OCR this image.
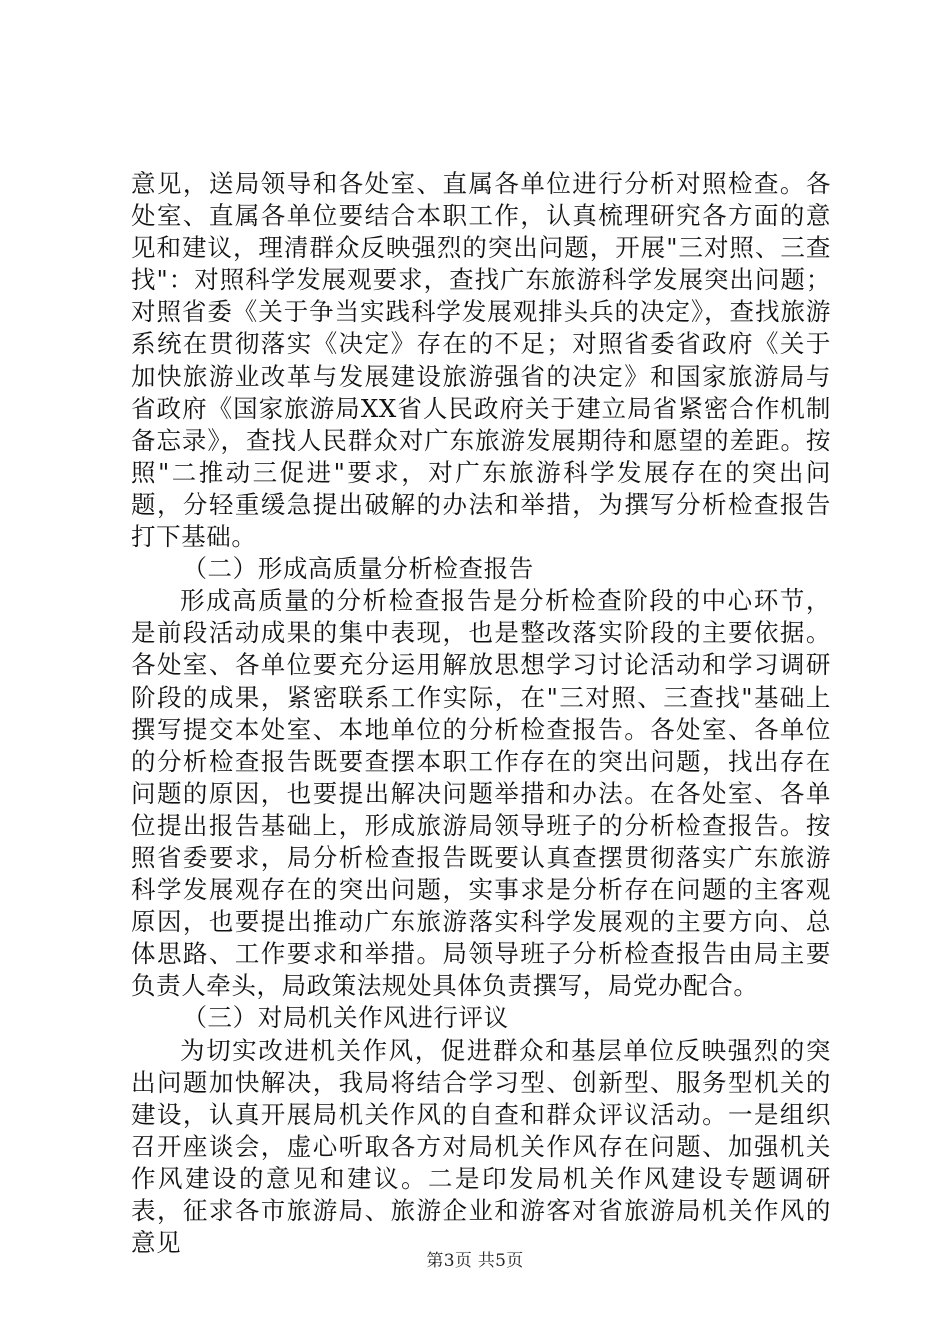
意见，送局领导和各处室、直属各单位进行分析对照检查。各处室、直属各单位要结合本职工作，认真梳理研究各方面的意见和建议，理清群众反映强烈的突出问题，开展"三对照、三查找"：对照科学发展观要求，查找广东旅游科学发展突出问题；对照省委《关于争当实践科学发展观排头兵的决定》，查找旅游系统在贯彻落实《决定》存在的不足；对照省委省政府《关于加快旅游业改革与发展建设旅游强省的决定》和国家旅游局与省政府《国家旅游局XX省人民政府关于建立局省紧密合作机制备忘录》，查找人民群众对广东旅游发展期待和愿望的差距。按照"二推动三促进"要求，对广东旅游科学发展存在的突出问题，分轻重缓急提出破解的办法和举措，为撰写分析检查报告打下基础。

（二）形成高质量分析检查报告

形成高质量的分析检查报告是分析检查阶段的中心环节，是前段活动成果的集中表现，也是整改落实阶段的主要依据。各处室、各单位要充分运用解放思想学习讨论活动和学习调研阶段的成果，紧密联系工作实际，在"三对照、三查找"基础上撰写提交本处室、本地单位的分析检查报告。各处室、各单位的分析检查报告既要查摆本职工作存在的突出问题，找出存在问题的原因，也要提出解决问题举措和办法。在各处室、各单位提出报告基础上，形成旅游局领导班子的分析检查报告。按照省委要求，局分析检查报告既要认真查摆贯彻落实广东旅游科学发展观存在的突出问题，实事求是分析存在问题的主客观原因，也要提出推动广东旅游落实科学发展观的主要方向、总体思路、工作要求和举措。局领导班子分析检查报告由局主要负责人牵头，局政策法规处具体负责撰写，局党办配合。

（三）对局机关作风进行评议

为切实改进机关作风，促进群众和基层单位反映强烈的突出问题加快解决，我局将结合学习型、创新型、服务型机关的建设，认真开展局机关作风的自查和群众评议活动。一是组织召开座谈会，虚心听取各方对局机关作风存在问题、加强机关作风建设的意见和建议。二是印发局机关作风建设专题调研表，征求各市旅游局、旅游企业和游客对省旅游局机关作风的意见

第3页 共5页
